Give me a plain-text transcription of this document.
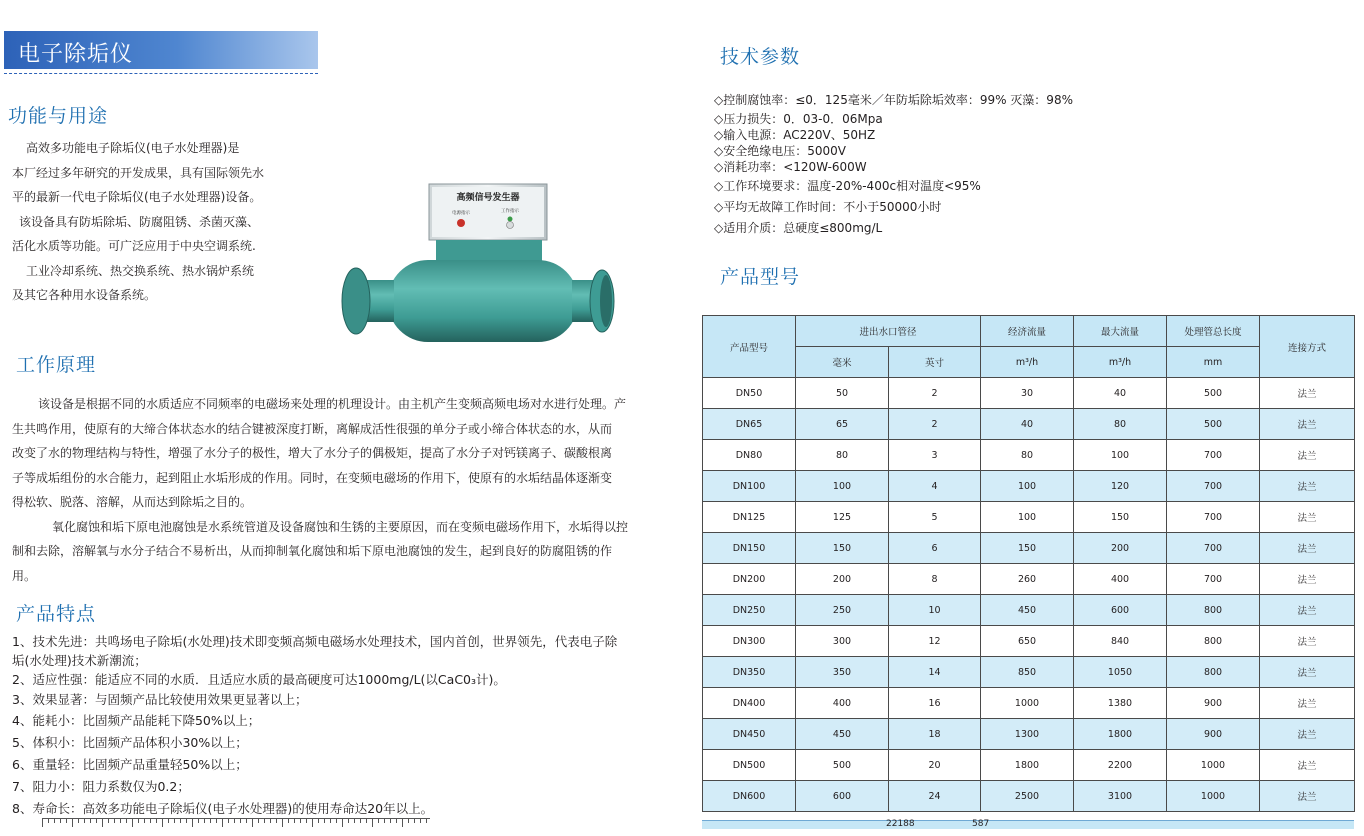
电子除垢仪
功能与用途

高效多功能电子除垢仪(电子水处理器)是

本厂经过多年研究的开发成果，具有国际领先水

平的最新一代电子除垢仪(电子水处理器)设备。

该设备具有防垢除垢、防腐阻锈、杀菌灭藻、

活化水质等功能。可广泛应用于中央空调系统.

工业冷却系统、热交换系统、热水锅炉系统

及其它各种用水设备系统。

高频信号发生器
电源指示	工作指示
工作原理

该设备是根据不同的水质适应不同频率的电磁场来处理的机理设计。由主机产生变频高频电场对水进行处理。产

生共鸣作用，使原有的大缔合体状态水的结合键被深度打断，离解成活性很强的单分子或小缔合体状态的水，从而

改变了水的物理结构与特性，增强了水分子的极性，增大了水分子的偶极矩，提高了水分子对钙镁离子、碳酸根离

子等成垢组份的水合能力，起到阻止水垢形成的作用。同时，在变频电磁场的作用下，使原有的水垢结晶体逐渐变

得松软、脱落、溶解，从而达到除垢之目的。

氧化腐蚀和垢下原电池腐蚀是水系统管道及设备腐蚀和生锈的主要原因，而在变频电磁场作用下，水垢得以控

制和去除，溶解氧与水分子结合不易析出，从而抑制氧化腐蚀和垢下原电池腐蚀的发生，起到良好的防腐阻锈的作

用。

产品特点

1、技术先进：共鸣场电子除垢(水处理)技术即变频高频电磁场水处理技术，国内首创，世界领先，代表电子除

垢(水处理)技术新潮流；

2、适应性强：能适应不同的水质．且适应水质的最高硬度可达1000mg/L(以CaC0₃计)。

3、效果显著：与固频产品比较使用效果更显著以上；

4、能耗小：比固频产品能耗下降50%以上；

5、体积小：比固频产品体积小30%以上；

6、重量轻：比固频产品重量轻50%以上；

7、阻力小：阻力系数仅为0.2；

8、寿命长：高效多功能电子除垢仪(电子水处理器)的使用寿命达20年以上。

技术参数
◇控制腐蚀率：≤0．125毫米／年防垢除垢效率：99% 灭藻：98%
◇压力损失：0．03-0．06Mpa
◇输入电源：AC220V、50HZ
◇安全绝缘电压：5000V
◇消耗功率：<120W-600W
◇工作环境要求：温度-20%-400c相对温度<95%
◇平均无故障工作时间：不小于50000小时
◇适用介质：总硬度≤800mg/L
产品型号
产品型号	进出水口管径		经济流量	最大流量	处理管总长度	连接方式
	毫米	英寸	m³/h	m³/h	mm	
DN50	50	2	30	40	500	法兰
DN65	65	2	40	80	500	法兰
DN80	80	3	80	100	700	法兰
DN100	100	4	100	120	700	法兰
DN125	125	5	100	150	700	法兰
DN150	150	6	150	200	700	法兰
DN200	200	8	260	400	700	法兰
DN250	250	10	450	600	800	法兰
DN300	300	12	650	840	800	法兰
DN350	350	14	850	1050	800	法兰
DN400	400	16	1000	1380	900	法兰
DN450	450	18	1300	1800	900	法兰
DN500	500	20	1800	2200	1000	法兰
DN600	600	24	2500	3100	1000	法兰
22188	587
